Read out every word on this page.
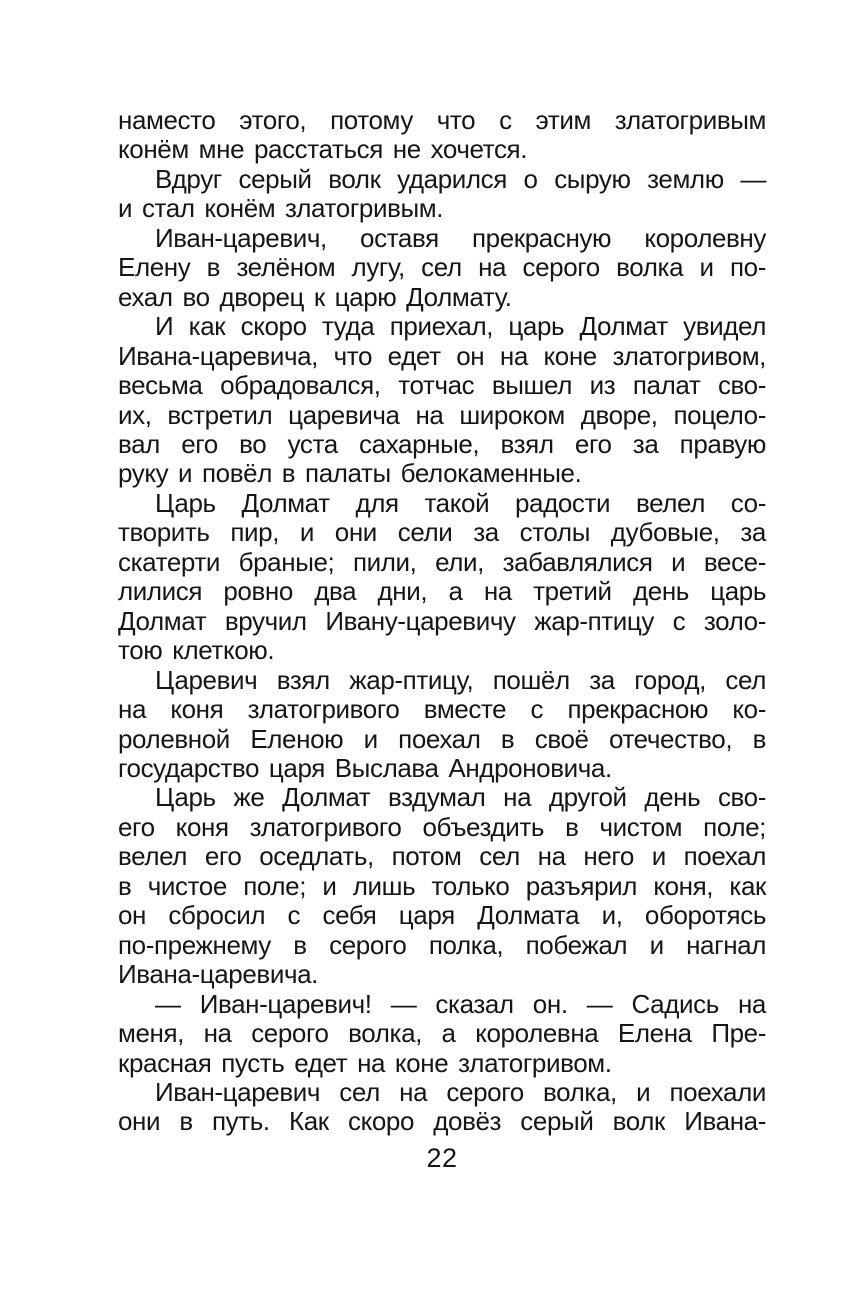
наместо этого, потому что с этим златогривым
конём мне расстаться не хочется.
Вдруг серый волк ударился о сырую землю —
и стал конём златогривым.
Иван-царевич, оставя прекрасную королевну
Елену в зелёном лугу, сел на серого волка и по-
ехал во дворец к царю Долмату.
И как скоро туда приехал, царь Долмат увидел
Ивана-царевича, что едет он на коне златогривом,
весьма обрадовался, тотчас вышел из палат сво-
их, встретил царевича на широком дворе, поцело-
вал его во уста сахарные, взял его за правую
руку и повёл в палаты белокаменные.
Царь Долмат для такой радости велел со-
творить пир, и они сели за столы дубовые, за
скатерти браные; пили, ели, забавлялися и весе-
лилися ровно два дни, а на третий день царь
Долмат вручил Ивану-царевичу жар-птицу с золо-
тою клеткою.
Царевич взял жар-птицу, пошёл за город, сел
на коня златогривого вместе с прекрасною ко-
ролевной Еленою и поехал в своё отечество, в
государство царя Выслава Андроновича.
Царь же Долмат вздумал на другой день сво-
его коня златогривого объездить в чистом поле;
велел его оседлать, потом сел на него и поехал
в чистое поле; и лишь только разъярил коня, как
он сбросил с себя царя Долмата и, оборотясь
по-прежнему в серого полка, побежал и нагнал
Ивана-царевича.
— Иван-царевич! — сказал он. — Садись на
меня, на серого волка, а королевна Елена Пре-
красная пусть едет на коне златогривом.
Иван-царевич сел на серого волка, и поехали
они в путь. Как скоро довёз серый волк Ивана-
22
